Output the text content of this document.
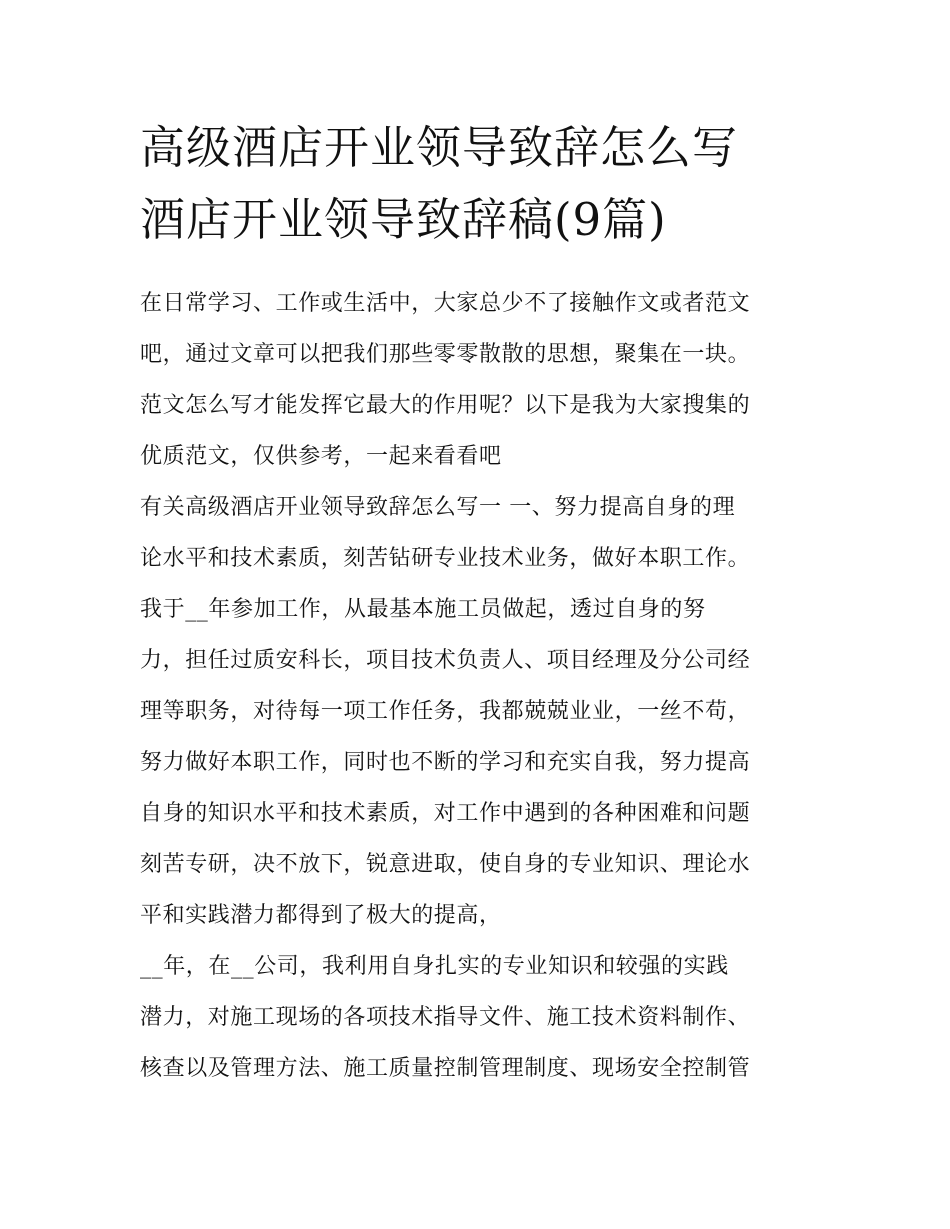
高级酒店开业领导致辞怎么写
酒店开业领导致辞稿(9篇)
在日常学习、工作或生活中，大家总少不了接触作文或者范文
吧，通过文章可以把我们那些零零散散的思想，聚集在一块。
范文怎么写才能发挥它最大的作用呢？以下是我为大家搜集的
优质范文，仅供参考，一起来看看吧
有关高级酒店开业领导致辞怎么写一 一、努力提高自身的理
论水平和技术素质，刻苦钻研专业技术业务，做好本职工作。
我于__年参加工作，从最基本施工员做起，透过自身的努
力，担任过质安科长，项目技术负责人、项目经理及分公司经
理等职务，对待每一项工作任务，我都兢兢业业，一丝不苟，
努力做好本职工作，同时也不断的学习和充实自我，努力提高
自身的知识水平和技术素质，对工作中遇到的各种困难和问题
刻苦专研，决不放下，锐意进取，使自身的专业知识、理论水
平和实践潜力都得到了极大的提高，
__年，在__公司，我利用自身扎实的专业知识和较强的实践
潜力，对施工现场的各项技术指导文件、施工技术资料制作、
核查以及管理方法、施工质量控制管理制度、现场安全控制管
